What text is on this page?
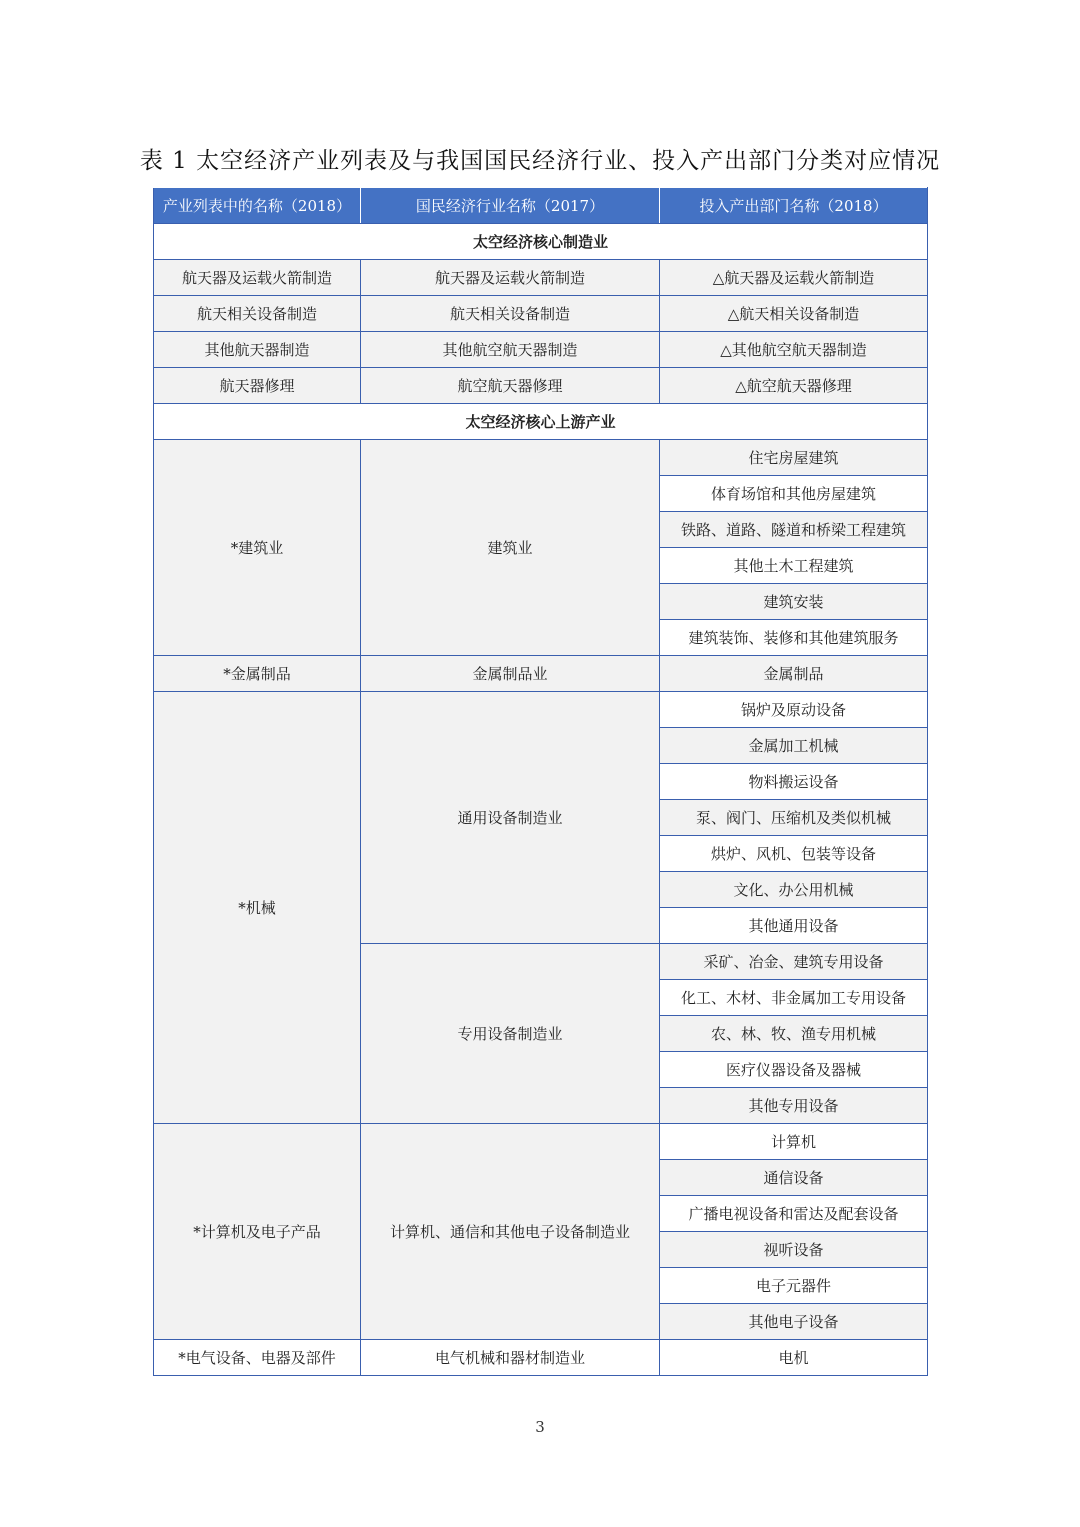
表 1 太空经济产业列表及与我国国民经济行业、投入产出部门分类对应情况
产业列表中的名称（2018）	国民经济行业名称（2017）	投入产出部门名称（2018）
太空经济核心制造业		
航天器及运载火箭制造	航天器及运载火箭制造	△航天器及运载火箭制造
航天相关设备制造	航天相关设备制造	△航天相关设备制造
其他航天器制造	其他航空航天器制造	△其他航空航天器制造
航天器修理	航空航天器修理	△航空航天器修理
太空经济核心上游产业		
*建筑业	建筑业	住宅房屋建筑
		体育场馆和其他房屋建筑
		铁路、道路、隧道和桥梁工程建筑
		其他土木工程建筑
		建筑安装
		建筑装饰、装修和其他建筑服务
*金属制品	金属制品业	金属制品
*机械	通用设备制造业	锅炉及原动设备
		金属加工机械
		物料搬运设备
		泵、阀门、压缩机及类似机械
		烘炉、风机、包装等设备
		文化、办公用机械
		其他通用设备
	专用设备制造业	采矿、冶金、建筑专用设备
		化工、木材、非金属加工专用设备
		农、林、牧、渔专用机械
		医疗仪器设备及器械
		其他专用设备
*计算机及电子产品	计算机、通信和其他电子设备制造业	计算机
		通信设备
		广播电视设备和雷达及配套设备
		视听设备
		电子元器件
		其他电子设备
*电气设备、电器及部件	电气机械和器材制造业	电机
3
